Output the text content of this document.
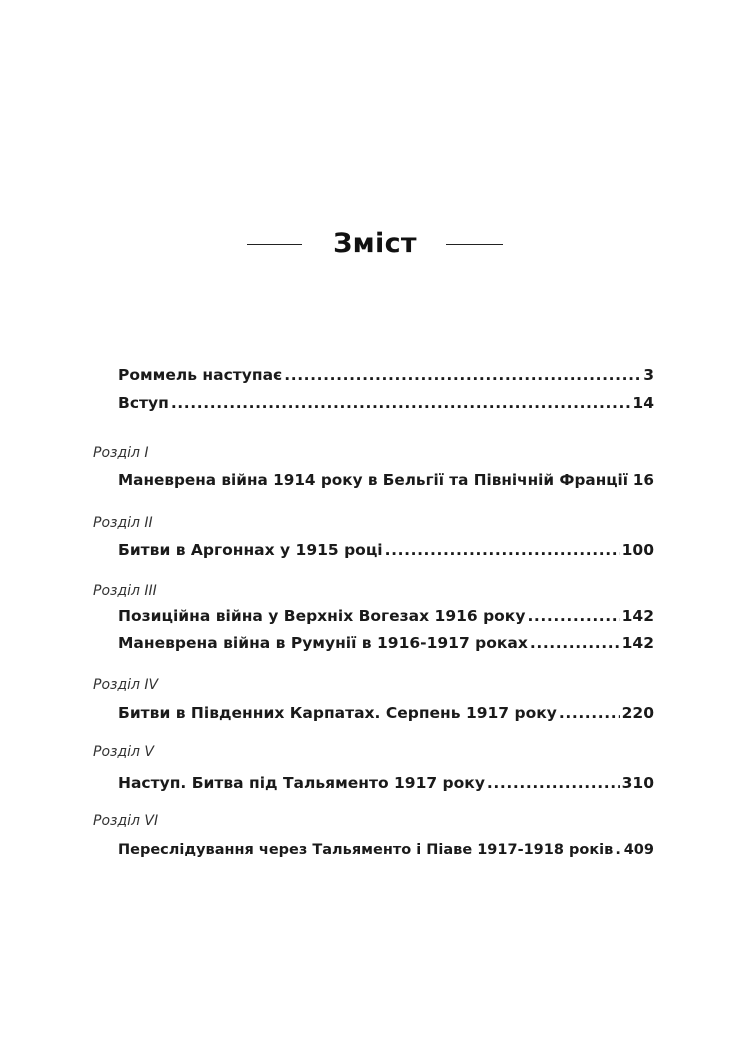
Зміст
Роммель наступає .....	3
Вступ .....	14
Розділ I
Маневрена війна 1914 року в Бельгії та Північній Франції ..... 16
Розділ II
Битви в Аргоннах у 1915 році .....	100
Розділ III
Позиційна війна у Верхніх Вогезах 1916 року .....	142
Маневрена війна в Румунії в 1916-1917 роках .....	142
Розділ IV
Битви в Південних Карпатах. Серпень 1917 року .....	220
Розділ V
Наступ. Битва під Тальяменто 1917 року .....	310
Розділ VI
Переслідування через Тальяменто і Піаве 1917-1918 років ..... 409
